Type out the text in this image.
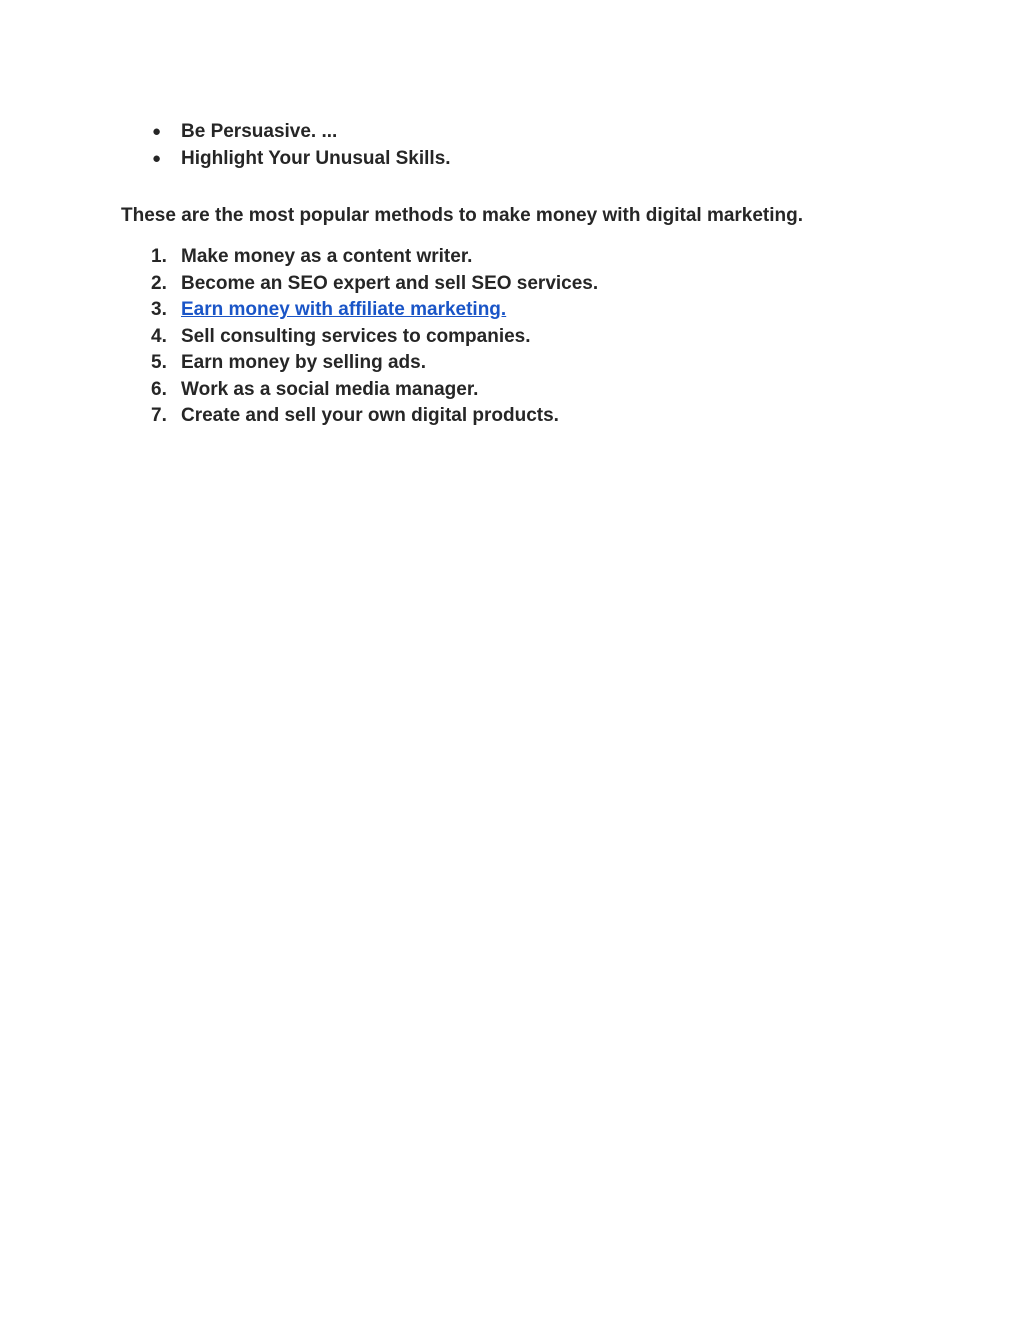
● Be Persuasive. ...
● Highlight Your Unusual Skills.
These are the most popular methods to make money with digital marketing.
1. Make money as a content writer.
2. Become an SEO expert and sell SEO services.
3. Earn money with affiliate marketing.
4. Sell consulting services to companies.
5. Earn money by selling ads.
6. Work as a social media manager.
7. Create and sell your own digital products.
